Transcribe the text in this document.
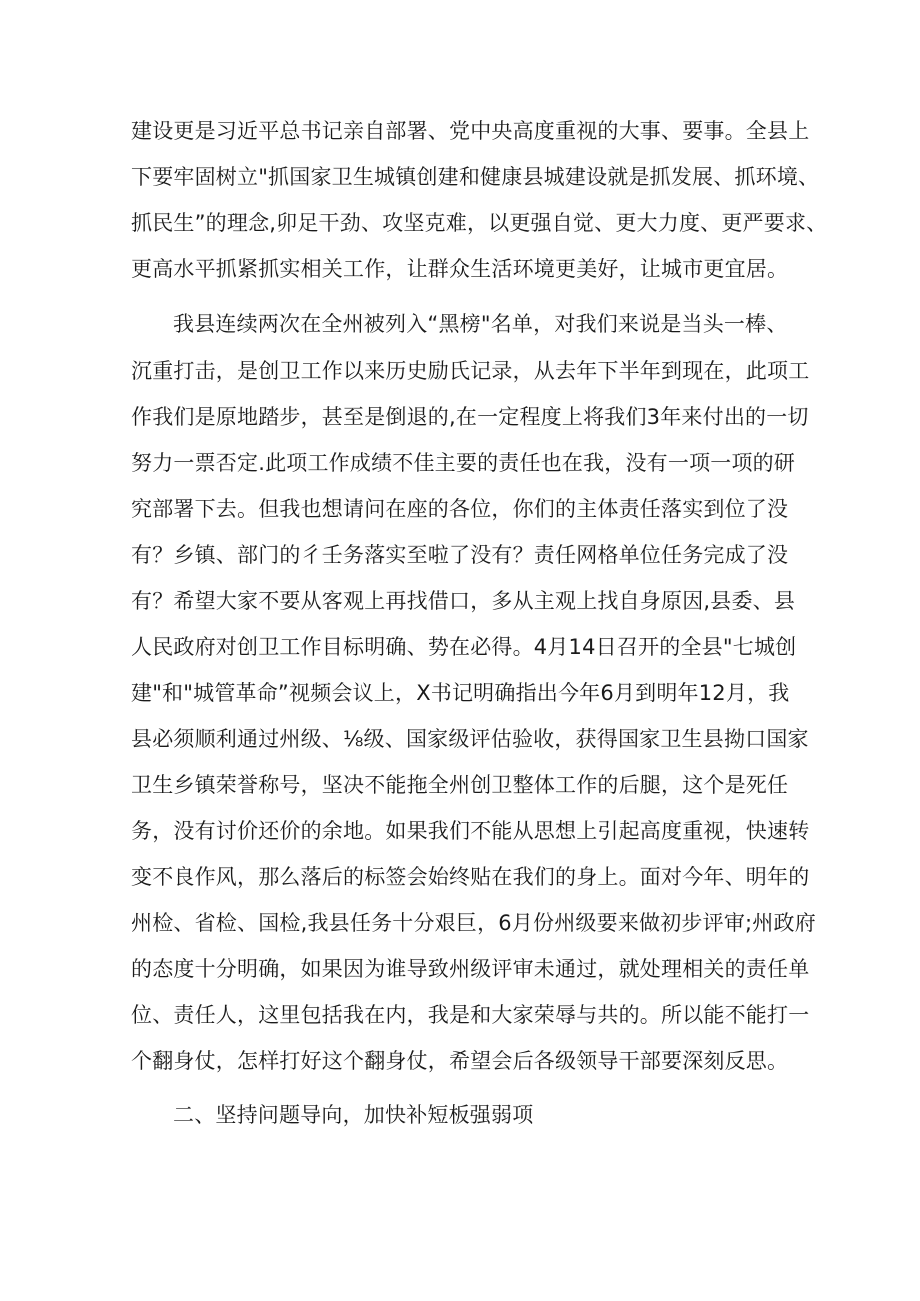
建设更是习近平总书记亲自部署、党中央高度重视的大事、要事。全县上
下要牢固树立"抓国家卫生城镇创建和健康县城建设就是抓发展、抓环境、
抓民生”的理念,卯足干劲、攻坚克难，以更强自觉、更大力度、更严要求、
更高水平抓紧抓实相关工作，让群众生活环境更美好，让城市更宜居。
我县连续两次在全州被列入“黑榜"名单，对我们来说是当头一棒、
沉重打击，是创卫工作以来历史励氏记录，从去年下半年到现在，此项工
作我们是原地踏步，甚至是倒退的,在一定程度上将我们3年来付出的一切
努力一票否定.此项工作成绩不佳主要的责任也在我，没有一项一项的研
究部署下去。但我也想请问在座的各位，你们的主体责任落实到位了没
有？乡镇、部门的彳壬务落实至啦了没有？责任网格单位任务完成了没
有？希望大家不要从客观上再找借口，多从主观上找自身原因,县委、县
人民政府对创卫工作目标明确、势在必得。4月14日召开的全县"七城创
建"和"城管革命”视频会议上，X书记明确指出今年6月到明年12月，我
县必须顺利通过州级、⅛级、国家级评估验收，获得国家卫生县拗口国家
卫生乡镇荣誉称号，坚决不能拖全州创卫整体工作的后腿，这个是死任
务，没有讨价还价的余地。如果我们不能从思想上引起高度重视，快速转
变不良作风，那么落后的标签会始终贴在我们的身上。面对今年、明年的
州检、省检、国检,我县任务十分艰巨，6月份州级要来做初步评审;州政府
的态度十分明确，如果因为谁导致州级评审未通过，就处理相关的责任单
位、责任人，这里包括我在内，我是和大家荣辱与共的。所以能不能打一
个翻身仗，怎样打好这个翻身仗，希望会后各级领导干部要深刻反思。
二、坚持问题导向，加快补短板强弱项
